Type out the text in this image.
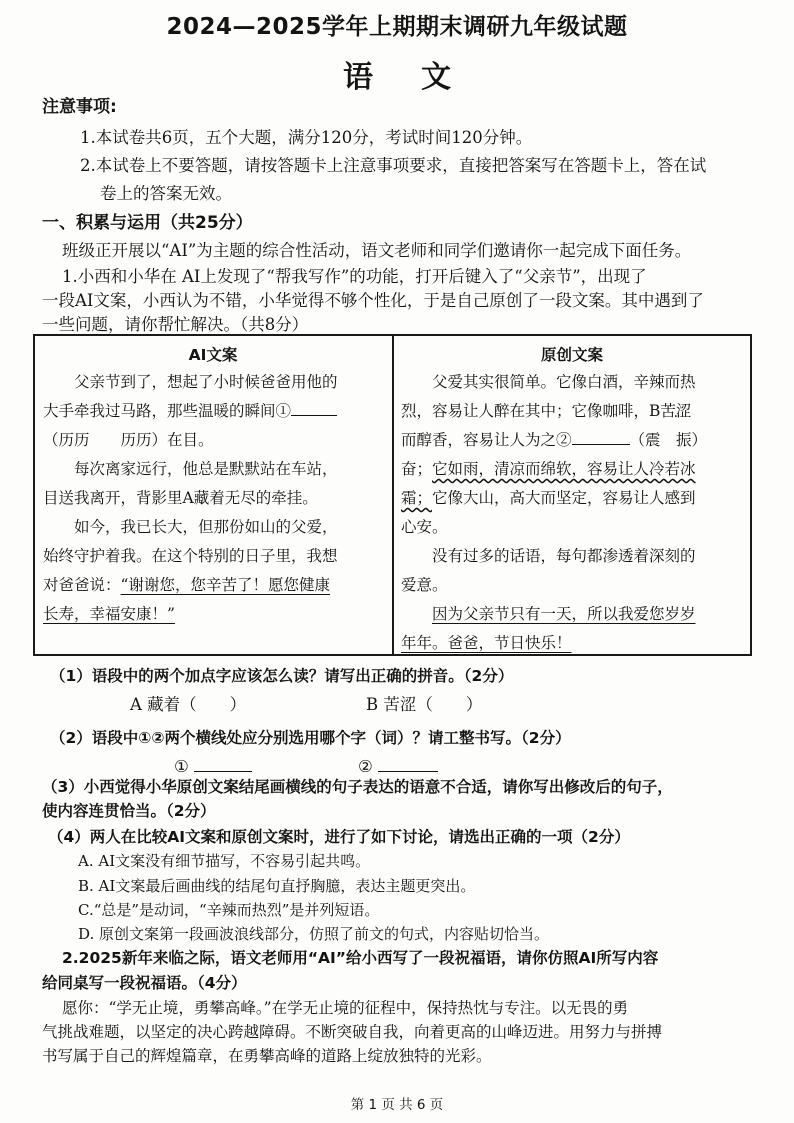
2024—2025学年上期期末调研九年级试题
语 文
注意事项:
1.本试卷共6页，五个大题，满分120分，考试时间120分钟。
2.本试卷上不要答题，请按答题卡上注意事项要求，直接把答案写在答题卡上，答在试
卷上的答案无效。
一、积累与运用（共25分）
班级正开展以“AI”为主题的综合性活动，语文老师和同学们邀请你一起完成下面任务。
1.小西和小华在 AI上发现了“帮我写作”的功能，打开后键入了“父亲节”，出现了
一段AI文案，小西认为不错，小华觉得不够个性化，于是自己原创了一段文案。其中遇到了
一些问题，请你帮忙解决。（共8分）
AI文案

父亲节到了，想起了小时候爸爸用他的

大手牵我过马路，那些温暖的瞬间①

（历历　　历历）在目。

每次离家远行，他总是默默站在车站，

目送我离开，背影里A藏着无尽的牵挂。

如今，我已长大，但那份如山的父爱，

始终守护着我。在这个特别的日子里，我想

对爸爸说：“谢谢您，您辛苦了！愿您健康

长寿，幸福安康！”

原创文案

父爱其实很简单。它像白酒，辛辣而热

烈，容易让人醉在其中；它像咖啡，B苦涩

而醇香，容易让人为之②	（震　振）

奋；它如雨，清凉而绵软，容易让人冷若冰

霜；它像大山，高大而坚定，容易让人感到

心安。

没有过多的话语，每句都渗透着深刻的

爱意。

因为父亲节只有一天，所以我爱您岁岁

年年。爸爸，节日快乐！

（1）语段中的两个加点字应该怎么读？请写出正确的拼音。（2分）
A 藏着（　　）	B 苦涩（　　）
（2）语段中①②两个横线处应分别选用哪个字（词）？请工整书写。（2分）
①	②
（3）小西觉得小华原创文案结尾画横线的句子表达的语意不合适，请你写出修改后的句子，
使内容连贯恰当。（2分）
（4）两人在比较AI文案和原创文案时，进行了如下讨论，请选出正确的一项（2分）
A. AI文案没有细节描写，不容易引起共鸣。
B. AI文案最后画曲线的结尾句直抒胸臆，表达主题更突出。
C.“总是”是动词，“辛辣而热烈”是并列短语。
D. 原创文案第一段画波浪线部分，仿照了前文的句式，内容贴切恰当。
2.2025新年来临之际，语文老师用“AI”给小西写了一段祝福语，请你仿照AI所写内容
给同桌写一段祝福语。（4分）
愿你：“学无止境，勇攀高峰。”在学无止境的征程中，保持热忱与专注。以无畏的勇
气挑战难题，以坚定的决心跨越障碍。不断突破自我，向着更高的山峰迈进。用努力与拼搏
书写属于自己的辉煌篇章，在勇攀高峰的道路上绽放独特的光彩。
第 1 页 共 6 页
